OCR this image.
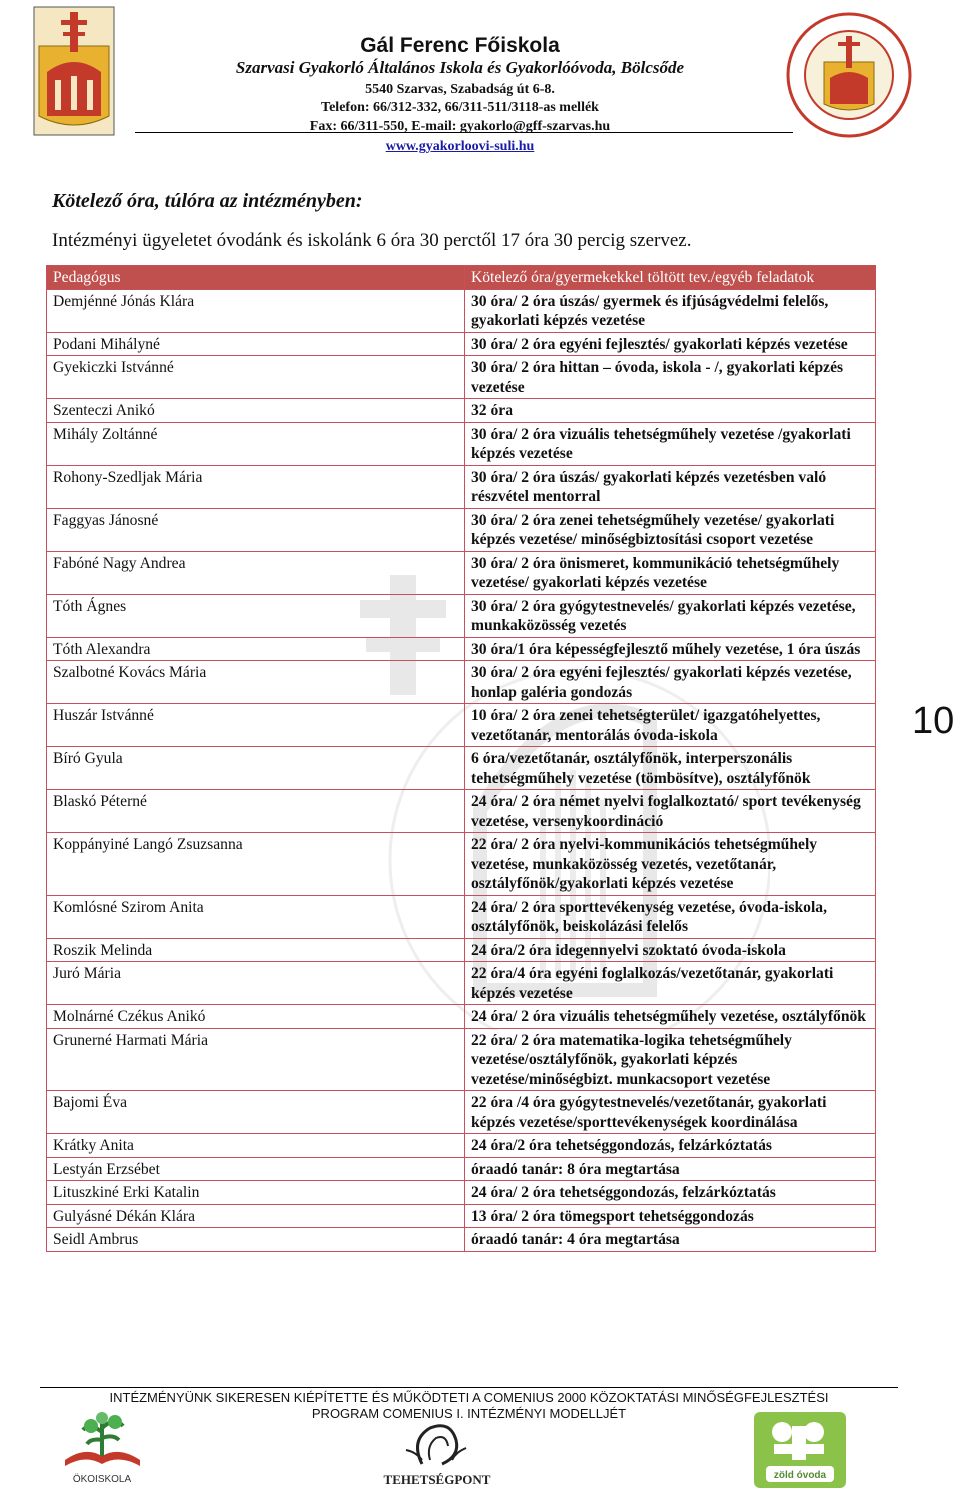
Gál Ferenc Főiskola
Szarvasi Gyakorló Általános Iskola és Gyakorlóóvoda, Bölcsőde
5540 Szarvas, Szabadság út 6-8.
Telefon: 66/312-332, 66/311-511/3118-as mellék
Fax: 66/311-550, E-mail: gyakorlo@gff-szarvas.hu
www.gyakorloovi-suli.hu
Kötelező óra, túlóra az intézményben:
Intézményi ügyeletet óvodánk és iskolánk 6 óra 30 perctől 17 óra 30 percig szervez.
Pedagógus	Kötelező óra/gyermekekkel töltött tev./egyéb feladatok
Demjénné Jónás Klára	30 óra/ 2 óra úszás/ gyermek és ifjúságvédelmi felelős, gyakorlati képzés vezetése
Podani Mihályné	30 óra/ 2 óra egyéni fejlesztés/ gyakorlati képzés vezetése
Gyekiczki Istvánné	30 óra/ 2 óra hittan – óvoda, iskola - /, gyakorlati képzés vezetése
Szenteczi Anikó	32 óra
Mihály Zoltánné	30 óra/ 2 óra vizuális tehetségműhely vezetése /gyakorlati képzés vezetése
Rohony-Szedljak Mária	30 óra/ 2 óra úszás/ gyakorlati képzés vezetésben való részvétel mentorral
Faggyas Jánosné	30 óra/ 2 óra zenei tehetségműhely vezetése/ gyakorlati képzés vezetése/ minőségbiztosítási csoport vezetése
Fabóné Nagy Andrea	30 óra/ 2 óra önismeret, kommunikáció tehetségműhely vezetése/ gyakorlati képzés vezetése
Tóth Ágnes	30 óra/ 2 óra gyógytestnevelés/ gyakorlati képzés vezetése, munkaközösség vezetés
Tóth Alexandra	30 óra/1 óra képességfejlesztő műhely vezetése, 1 óra úszás
Szalbotné Kovács Mária	30 óra/ 2 óra egyéni fejlesztés/ gyakorlati képzés vezetése, honlap galéria gondozás
Huszár Istvánné	10 óra/ 2 óra zenei tehetségterület/ igazgatóhelyettes, vezetőtanár, mentorálás óvoda-iskola
Bíró Gyula	6 óra/vezetőtanár, osztályfőnök, interperszonális tehetségműhely vezetése (tömbösítve), osztályfőnök
Blaskó Péterné	24 óra/ 2 óra német nyelvi foglalkoztató/ sport tevékenység vezetése, versenykoordináció
Koppányiné Langó Zsuzsanna	22 óra/ 2 óra nyelvi-kommunikációs tehetségműhely vezetése, munkaközösség vezetés, vezetőtanár, osztályfőnök/gyakorlati képzés vezetése
Komlósné Szirom Anita	24 óra/ 2 óra sporttevékenység vezetése, óvoda-iskola, osztályfőnök, beiskolázási felelős
Roszik Melinda	24 óra/2 óra idegennyelvi szoktató óvoda-iskola
Juró Mária	22 óra/4 óra egyéni foglalkozás/vezetőtanár, gyakorlati képzés vezetése
Molnárné Czékus Anikó	24 óra/ 2 óra vizuális tehetségműhely vezetése, osztályfőnök
Grunerné Harmati Mária	22 óra/ 2 óra matematika-logika tehetségműhely vezetése/osztályfőnök, gyakorlati képzés vezetése/minőségbizt. munkacsoport vezetése
Bajomi Éva	22 óra /4 óra gyógytestnevelés/vezetőtanár, gyakorlati képzés vezetése/sporttevékenységek koordinálása
Krátky Anita	24 óra/2 óra tehetséggondozás, felzárkóztatás
Lestyán Erzsébet	óraadó tanár: 8 óra megtartása
Lituszkiné Erki Katalin	24 óra/ 2 óra tehetséggondozás, felzárkóztatás
Gulyásné Dékán Klára	13 óra/ 2 óra tömegsport tehetséggondozás
Seidl Ambrus	óraadó tanár: 4 óra megtartása
10
INTÉZMÉNYÜNK SIKERESEN KIÉPÍTETTE ÉS MŰKÖDTETI A COMENIUS 2000 KÖZOKTATÁSI MINŐSÉGFEJLESZTÉSI
PROGRAM COMENIUS I. INTÉZMÉNYI MODELLJÉT
ÖKOISKOLA	TEHETSÉGPONT	zöld óvoda
